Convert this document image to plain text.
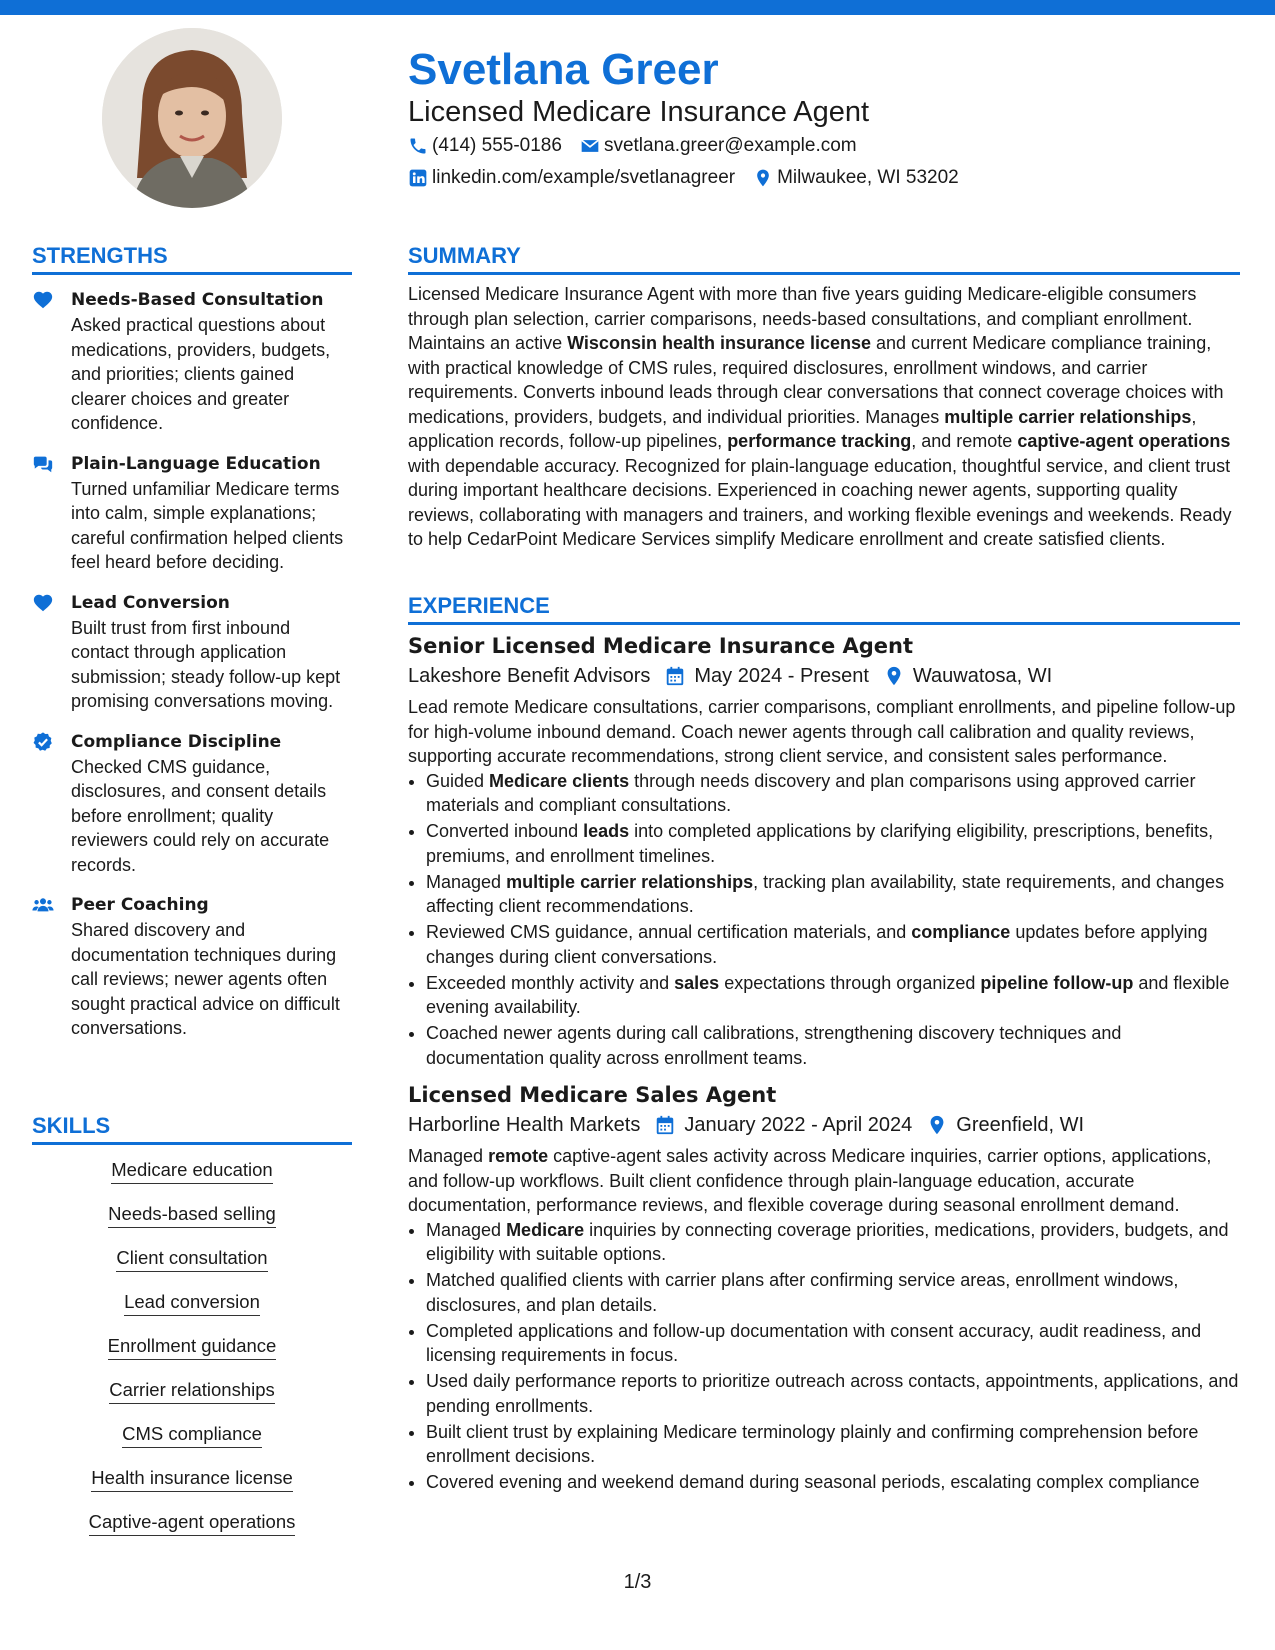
Svetlana Greer
Licensed Medicare Insurance Agent
(414) 555-0186 svetlana.greer@example.com
linkedin.com/example/svetlanagreer Milwaukee, WI 53202
STRENGTHS
Needs-Based Consultation
Asked practical questions about medications, providers, budgets, and priorities; clients gained clearer choices and greater confidence.
Plain-Language Education
Turned unfamiliar Medicare terms into calm, simple explanations; careful confirmation helped clients feel heard before deciding.
Lead Conversion
Built trust from first inbound contact through application submission; steady follow-up kept promising conversations moving.
Compliance Discipline
Checked CMS guidance, disclosures, and consent details before enrollment; quality reviewers could rely on accurate records.
Peer Coaching
Shared discovery and documentation techniques during call reviews; newer agents often sought practical advice on difficult conversations.
SKILLS
Medicare education
Needs-based selling
Client consultation
Lead conversion
Enrollment guidance
Carrier relationships
CMS compliance
Health insurance license
Captive-agent operations
SUMMARY

Licensed Medicare Insurance Agent with more than five years guiding Medicare-eligible consumers through plan selection, carrier comparisons, needs-based consultations, and compliant enrollment. Maintains an active Wisconsin health insurance license and current Medicare compliance training, with practical knowledge of CMS rules, required disclosures, enrollment windows, and carrier requirements. Converts inbound leads through clear conversations that connect coverage choices with medications, providers, budgets, and individual priorities. Manages multiple carrier relationships, application records, follow-up pipelines, performance tracking, and remote captive-agent operations with dependable accuracy. Recognized for plain-language education, thoughtful service, and client trust during important healthcare decisions. Experienced in coaching newer agents, supporting quality reviews, collaborating with managers and trainers, and working flexible evenings and weekends. Ready to help CedarPoint Medicare Services simplify Medicare enrollment and create satisfied clients.

EXPERIENCE
Senior Licensed Medicare Insurance Agent
Lakeshore Benefit Advisors May 2024 - Present Wauwatosa, WI

Lead remote Medicare consultations, carrier comparisons, compliant enrollments, and pipeline follow-up for high-volume inbound demand. Coach newer agents through call calibration and quality reviews, supporting accurate recommendations, strong client service, and consistent sales performance.

• Guided Medicare clients through needs discovery and plan comparisons using approved carrier materials and compliant consultations.
• Converted inbound leads into completed applications by clarifying eligibility, prescriptions, benefits, premiums, and enrollment timelines.
• Managed multiple carrier relationships, tracking plan availability, state requirements, and changes affecting client recommendations.
• Reviewed CMS guidance, annual certification materials, and compliance updates before applying changes during client conversations.
• Exceeded monthly activity and sales expectations through organized pipeline follow-up and flexible evening availability.
• Coached newer agents during call calibrations, strengthening discovery techniques and documentation quality across enrollment teams.
Licensed Medicare Sales Agent
Harborline Health Markets January 2022 - April 2024 Greenfield, WI

Managed remote captive-agent sales activity across Medicare inquiries, carrier options, applications, and follow-up workflows. Built client confidence through plain-language education, accurate documentation, performance reviews, and flexible coverage during seasonal enrollment demand.

• Managed Medicare inquiries by connecting coverage priorities, medications, providers, budgets, and eligibility with suitable options.
• Matched qualified clients with carrier plans after confirming service areas, enrollment windows, disclosures, and plan details.
• Completed applications and follow-up documentation with consent accuracy, audit readiness, and licensing requirements in focus.
• Used daily performance reports to prioritize outreach across contacts, appointments, applications, and pending enrollments.
• Built client trust by explaining Medicare terminology plainly and confirming comprehension before enrollment decisions.
• Covered evening and weekend demand during seasonal periods, escalating complex compliance
1/3
